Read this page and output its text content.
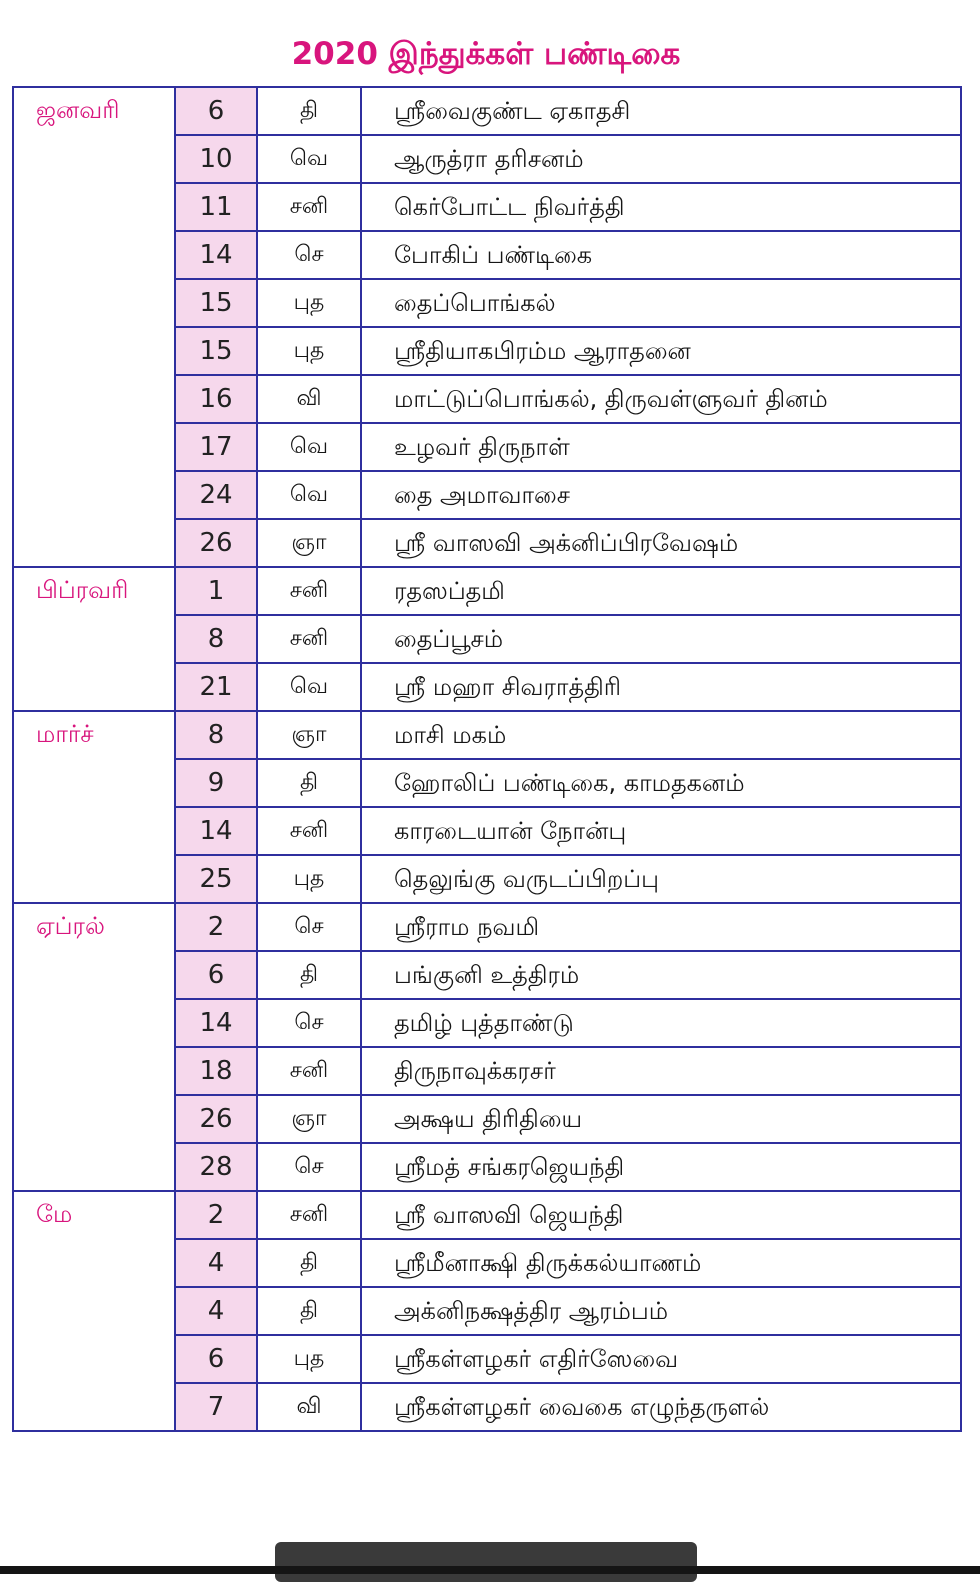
2020 இந்துக்கள் பண்டிகை
ஜனவரி	6	தி	ஸ்ரீவைகுண்ட ஏகாதசி
	10	வெ	ஆருத்ரா தரிசனம்
	11	சனி	கெர்போட்ட நிவர்த்தி
	14	செ	போகிப் பண்டிகை
	15	புத	தைப்பொங்கல்
	15	புத	ஸ்ரீதியாகபிரம்ம ஆராதனை
	16	வி	மாட்டுப்பொங்கல், திருவள்ளுவர் தினம்
	17	வெ	உழவர் திருநாள்
	24	வெ	தை அமாவாசை
	26	ஞா	ஸ்ரீ வாஸவி அக்னிப்பிரவேஷம்
பிப்ரவரி	1	சனி	ரதஸப்தமி
	8	சனி	தைப்பூசம்
	21	வெ	ஸ்ரீ மஹா சிவராத்திரி
மார்ச்	8	ஞா	மாசி மகம்
	9	தி	ஹோலிப் பண்டிகை, காமதகனம்
	14	சனி	காரடையான் நோன்பு
	25	புத	தெலுங்கு வருடப்பிறப்பு
ஏப்ரல்	2	செ	ஸ்ரீராம நவமி
	6	தி	பங்குனி உத்திரம்
	14	செ	தமிழ் புத்தாண்டு
	18	சனி	திருநாவுக்கரசர்
	26	ஞா	அக்ஷய திரிதியை
	28	செ	ஸ்ரீமத் சங்கரஜெயந்தி
மே	2	சனி	ஸ்ரீ வாஸவி ஜெயந்தி
	4	தி	ஸ்ரீமீனாக்ஷி திருக்கல்யாணம்
	4	தி	அக்னிநக்ஷத்திர ஆரம்பம்
	6	புத	ஸ்ரீகள்ளழகர் எதிர்ஸேவை
	7	வி	ஸ்ரீகள்ளழகர் வைகை எழுந்தருளல்
